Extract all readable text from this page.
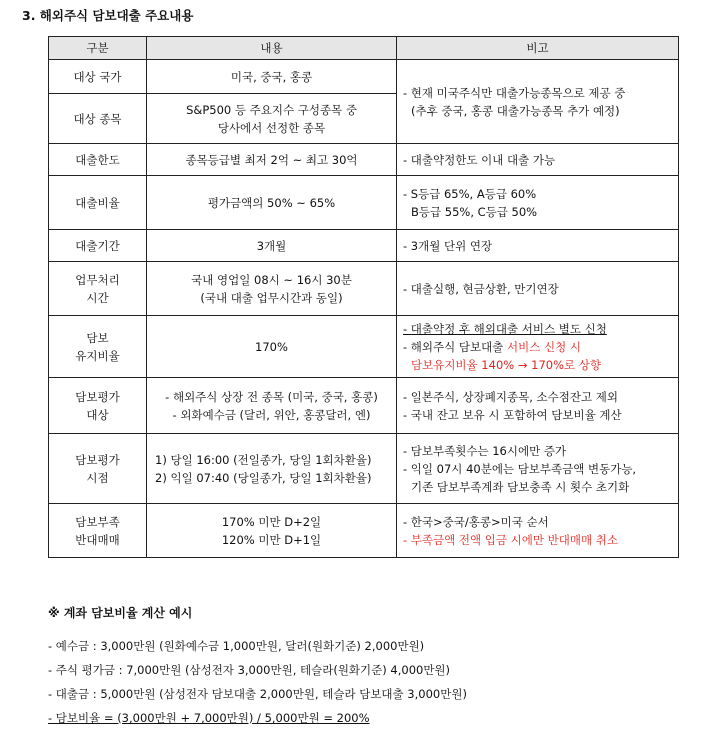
3. 해외주식 담보대출 주요내용
구분	내용	비고

대상 국가	미국, 중국, 홍콩	- 현재 미국주식만 대출가능종목으로 제공 중
(추후 중국, 홍콩 대출가능종목 추가 예정)

대상 종목	S&P500 등 주요지수 구성종목 중
당사에서 선정한 종목	

대출한도	종목등급별 최저 2억 ~ 최고 30억	- 대출약정한도 이내 대출 가능

대출비율	평가금액의 50% ~ 65%	- S등급 65%, A등급 60%
B등급 55%, C등급 50%

대출기간	3개월	- 3개월 단위 연장

업무처리
시간	국내 영업일 08시 ~ 16시 30분
(국내 대출 업무시간과 동일)	- 대출실행, 현금상환, 만기연장

담보
유지비율	170%	- 대출약정 후 해외대출 서비스 별도 신청
- 해외주식 담보대출 서비스 신청 시
담보유지비율 140% → 170%로 상향

담보평가
대상	- 해외주식 상장 전 종목 (미국, 중국, 홍콩)
- 외화예수금 (달러, 위안, 홍콩달러, 엔)	- 일본주식, 상장폐지종목, 소수점잔고 제외
- 국내 잔고 보유 시 포함하여 담보비율 계산

담보평가
시점	1) 당일 16:00 (전일종가, 당일 1회차환율)
2) 익일 07:40 (당일종가, 당일 1회차환율)	- 담보부족횟수는 16시에만 증가
- 익일 07시 40분에는 담보부족금액 변동가능,
기존 담보부족계좌 담보충족 시 횟수 초기화

담보부족
반대매매	170% 미만 D+2일
120% 미만 D+1일	- 한국>중국/홍콩>미국 순서
- 부족금액 전액 입금 시에만 반대매매 취소
※ 계좌 담보비율 계산 예시
- 예수금 : 3,000만원 (원화예수금 1,000만원, 달러(원화기준) 2,000만원)
- 주식 평가금 : 7,000만원 (삼성전자 3,000만원, 테슬라(원화기준) 4,000만원)
- 대출금 : 5,000만원 (삼성전자 담보대출 2,000만원, 테슬라 담보대출 3,000만원)
- 담보비율 = (3,000만원 + 7,000만원) / 5,000만원 = 200%
